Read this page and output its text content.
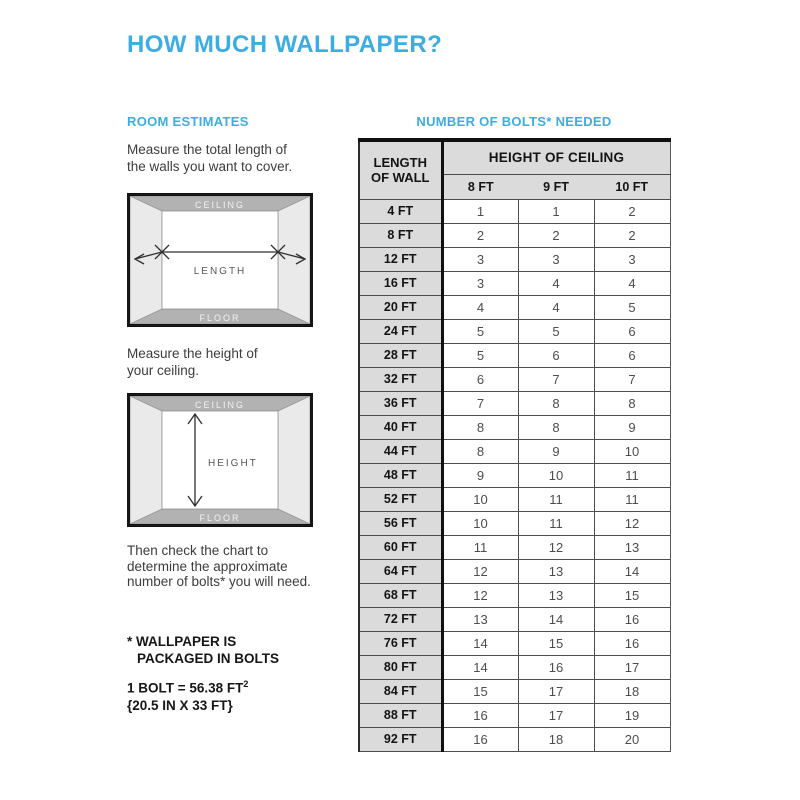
HOW MUCH WALLPAPER?
ROOM ESTIMATES
Measure the total length of
the walls you want to cover.
CEILING
FLOOR
LENGTH
Measure the height of
your ceiling.
CEILING
FLOOR
HEIGHT
Then check the chart to
determine the approximate
number of bolts* you will need.
* WALLPAPER IS
PACKAGED IN BOLTS
1 BOLT = 56.38 $FT^2$
{20.5 IN X 33 FT}
NUMBER OF BOLTS* NEEDED
LENGTH
OF WALL	HEIGHT OF CEILING		
	8 FT	9 FT	10 FT
4 FT	1	1	2
8 FT	2	2	2
12 FT	3	3	3
16 FT	3	4	4
20 FT	4	4	5
24 FT	5	5	6
28 FT	5	6	6
32 FT	6	7	7
36 FT	7	8	8
40 FT	8	8	9
44 FT	8	9	10
48 FT	9	10	11
52 FT	10	11	11
56 FT	10	11	12
60 FT	11	12	13
64 FT	12	13	14
68 FT	12	13	15
72 FT	13	14	16
76 FT	14	15	16
80 FT	14	16	17
84 FT	15	17	18
88 FT	16	17	19
92 FT	16	18	20
